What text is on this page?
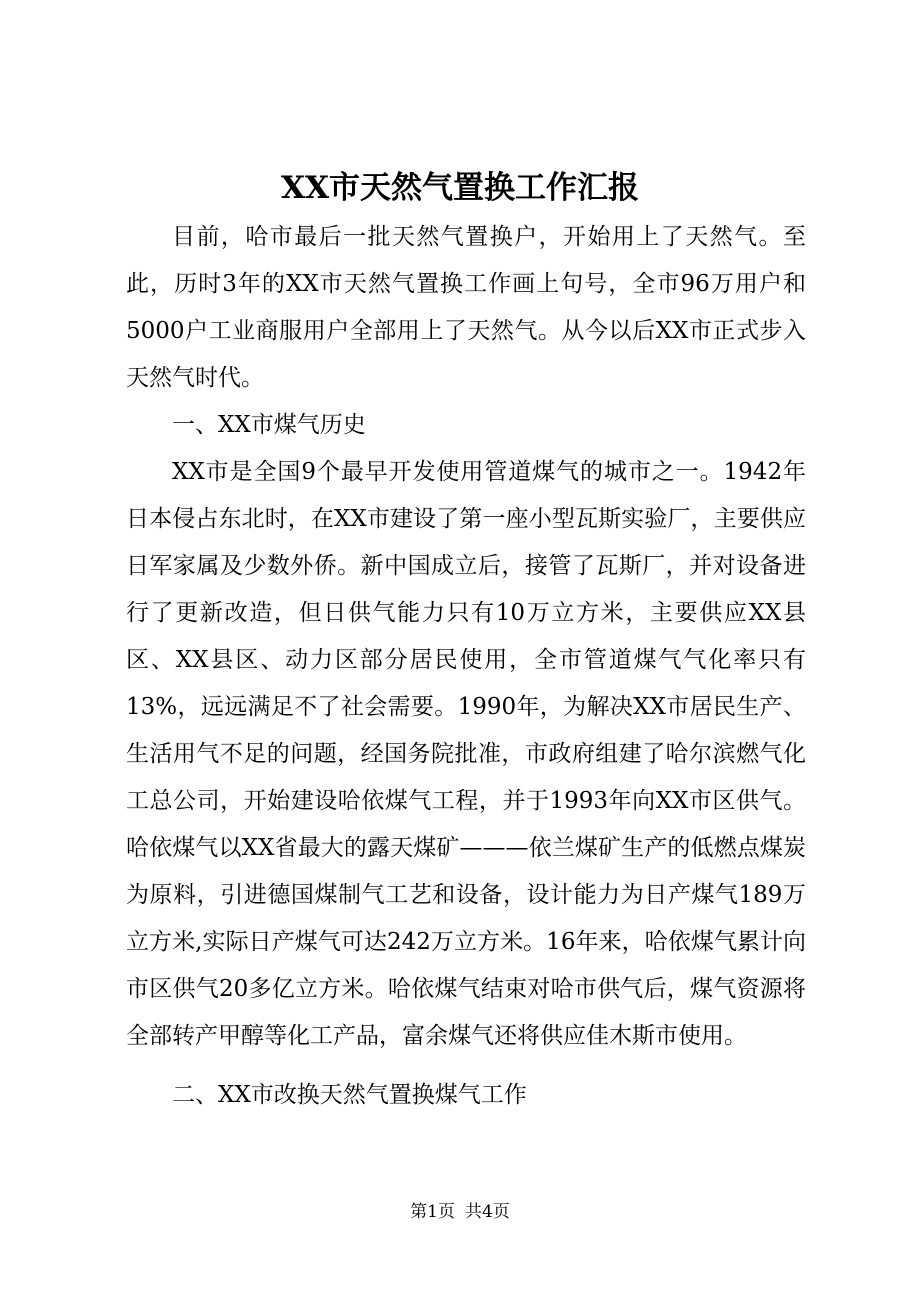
XX市天然气置换工作汇报

目前，哈市最后一批天然气置换户，开始用上了天然气。至此，历时3年的XX市天然气置换工作画上句号，全市96万用户和5000户工业商服用户全部用上了天然气。从今以后XX市正式步入天然气时代。

一、XX市煤气历史

XX市是全国9个最早开发使用管道煤气的城市之一。1942年日本侵占东北时，在XX市建设了第一座小型瓦斯实验厂，主要供应日军家属及少数外侨。新中国成立后，接管了瓦斯厂，并对设备进行了更新改造，但日供气能力只有10万立方米，主要供应XX县区、XX县区、动力区部分居民使用，全市管道煤气气化率只有13%，远远满足不了社会需要。1990年，为解决XX市居民生产、生活用气不足的问题，经国务院批准，市政府组建了哈尔滨燃气化工总公司，开始建设哈依煤气工程，并于1993年向XX市区供气。哈依煤气以XX省最大的露天煤矿———依兰煤矿生产的低燃点煤炭为原料，引进德国煤制气工艺和设备，设计能力为日产煤气189万立方米,实际日产煤气可达242万立方米。16年来，哈依煤气累计向市区供气20多亿立方米。哈依煤气结束对哈市供气后，煤气资源将全部转产甲醇等化工产品，富余煤气还将供应佳木斯市使用。

二、XX市改换天然气置换煤气工作

第1页 共4页
